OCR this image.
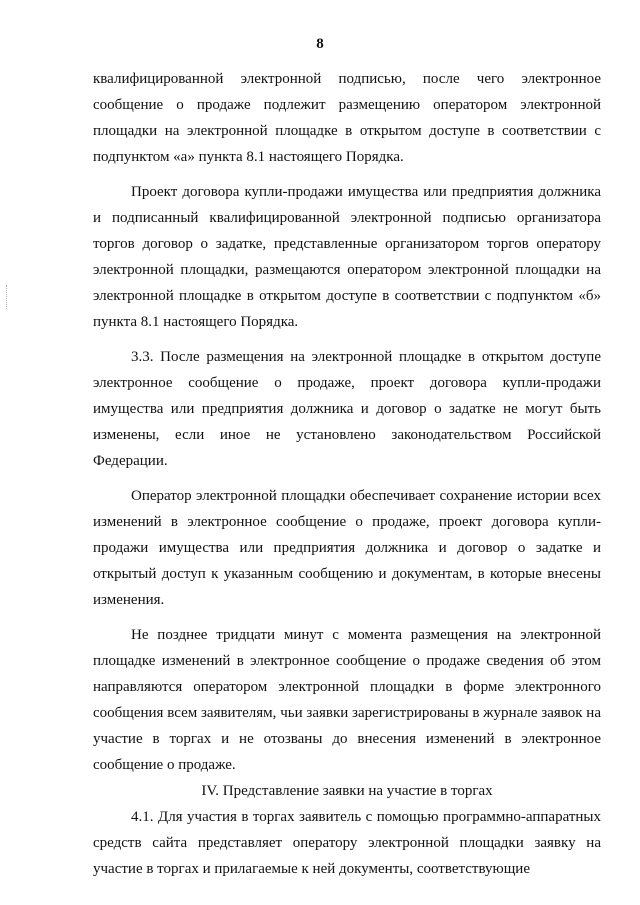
8

квалифицированной электронной подписью, после чего электронное сообщение о продаже подлежит размещению оператором электронной площадки на электронной площадке в открытом доступе в соответствии с подпунктом «а» пункта 8.1 настоящего Порядка.

Проект договора купли-продажи имущества или предприятия должника и подписанный квалифицированной электронной подписью организатора торгов договор о задатке, представленные организатором торгов оператору электронной площадки, размещаются оператором электронной площадки на электронной площадке в открытом доступе в соответствии с подпунктом «б» пункта 8.1 настоящего Порядка.

3.3. После размещения на электронной площадке в открытом доступе электронное сообщение о продаже, проект договора купли-продажи имущества или предприятия должника и договор о задатке не могут быть изменены, если иное не установлено законодательством Российской Федерации.

Оператор электронной площадки обеспечивает сохранение истории всех изменений в электронное сообщение о продаже, проект договора купли-продажи имущества или предприятия должника и договор о задатке и открытый доступ к указанным сообщению и документам, в которые внесены изменения.

Не позднее тридцати минут с момента размещения на электронной площадке изменений в электронное сообщение о продаже сведения об этом направляются оператором электронной площадки в форме электронного сообщения всем заявителям, чьи заявки зарегистрированы в журнале заявок на участие в торгах и не отозваны до внесения изменений в электронное сообщение о продаже.

IV. Представление заявки на участие в торгах

4.1. Для участия в торгах заявитель с помощью программно-аппаратных средств сайта представляет оператору электронной площадки заявку на участие в торгах и прилагаемые к ней документы, соответствующие
